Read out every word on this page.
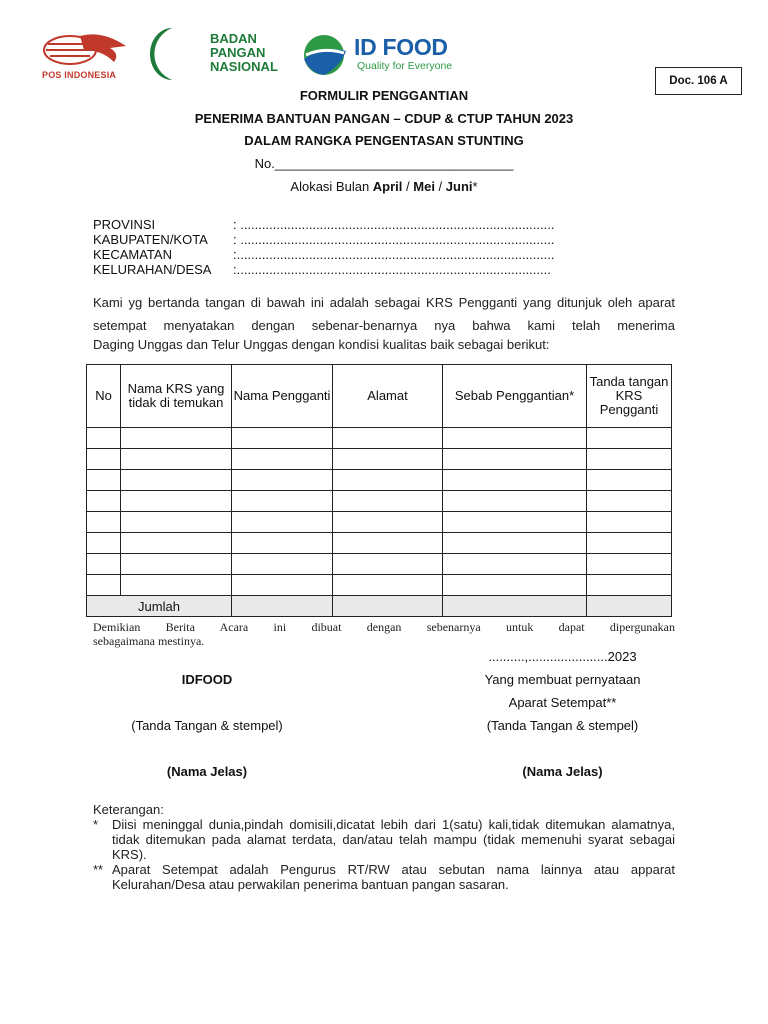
POS INDONESIA
BADAN
PANGAN
NASIONAL
ID FOOD
Quality for Everyone
Doc. 106 A
FORMULIR PENGGANTIAN
PENERIMA BANTUAN PANGAN – CDUP & CTUP TAHUN 2023
DALAM RANGKA PENGENTASAN STUNTING
No._________________________________
Alokasi Bulan April / Mei / Juni*
PROVINSI	: .......................................................................................
KABUPATEN/KOTA : .......................................................................................
KECAMATAN	:........................................................................................
KELURAHAN/DESA :.......................................................................................
Kami yg bertanda tangan di bawah ini adalah sebagai KRS Pengganti yang ditunjuk oleh aparat setempat menyatakan dengan sebenar-benarnya nya bahwa kami telah menerima
Daging Unggas dan Telur Unggas dengan kondisi kualitas baik sebagai berikut:
No	Nama KRS yang tidak di temukan	Nama Pengganti	Alamat	Sebab Penggantian*	Tanda tangan KRS Pengganti

Jumlah					
Demikian Berita Acara ini dibuat dengan sebenarnya untuk dapat dipergunakan
sebagaimana mestinya.
..........,......................2023
IDFOOD	Yang membuat pernyataan
Aparat Setempat**
(Tanda Tangan & stempel)	(Tanda Tangan & stempel)
(Nama Jelas)	(Nama Jelas)
Keterangan:
*	Diisi meninggal dunia,pindah domisili,dicatat lebih dari 1(satu) kali,tidak ditemukan alamatnya, tidak ditemukan pada alamat terdata, dan/atau telah mampu (tidak memenuhi syarat sebagai KRS).
** Aparat Setempat adalah Pengurus RT/RW atau sebutan nama lainnya atau apparat Kelurahan/Desa atau perwakilan penerima bantuan pangan sasaran.
